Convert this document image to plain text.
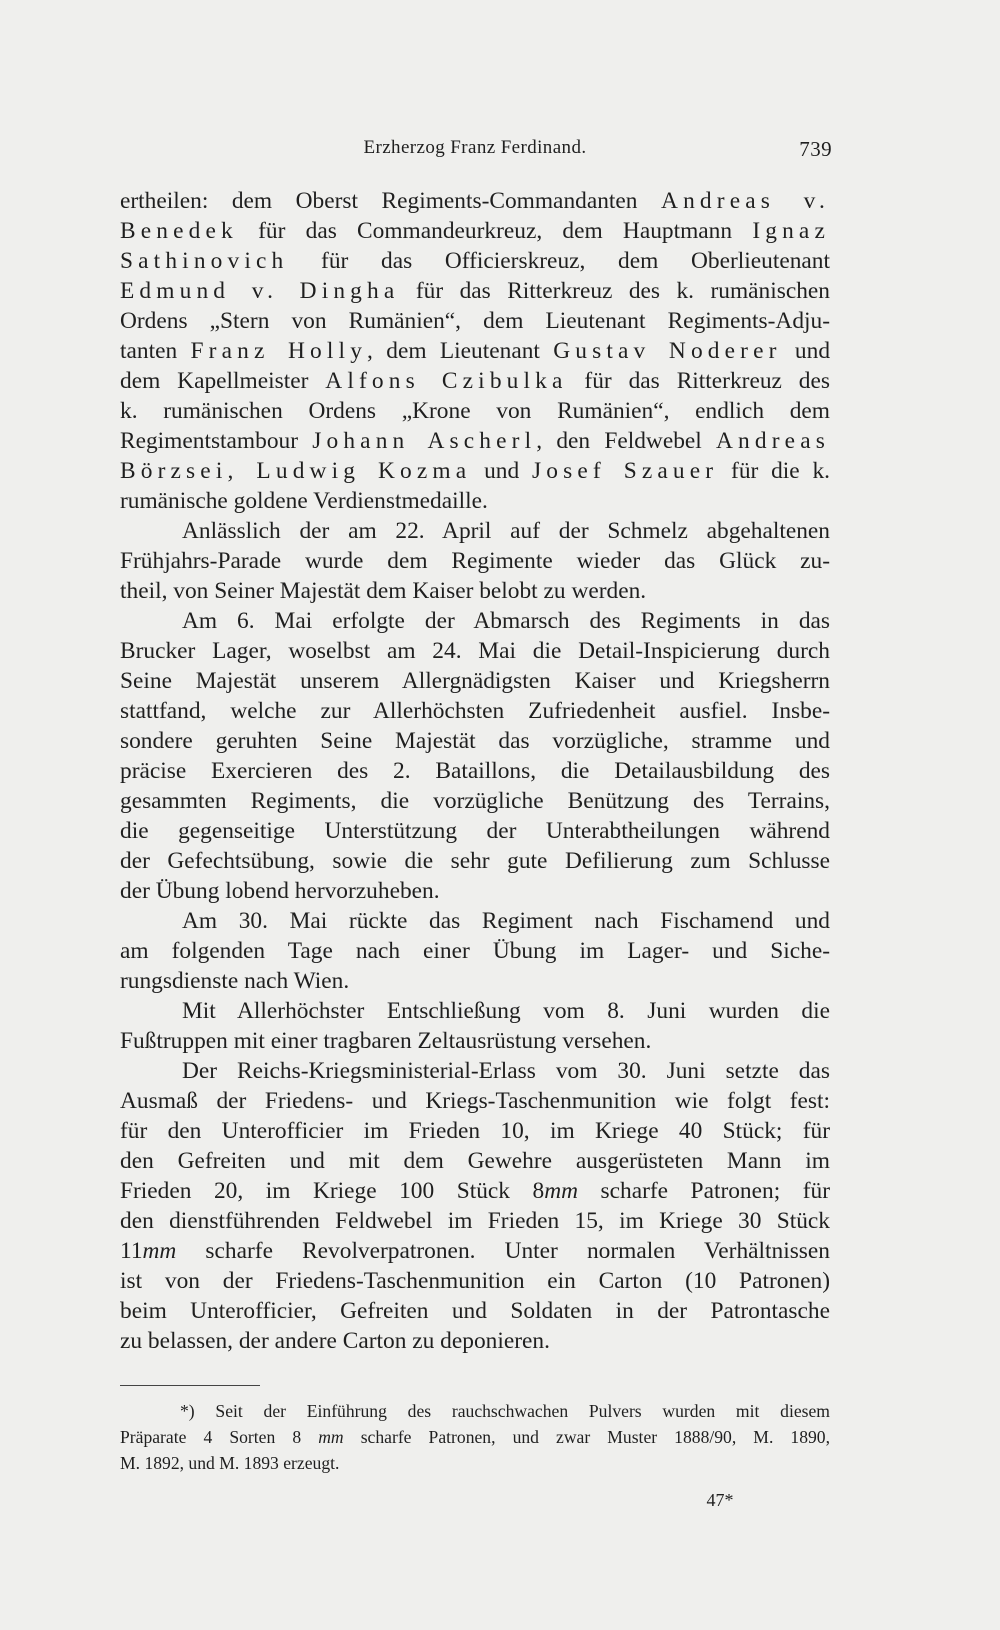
Erzherzog Franz Ferdinand.	739
ertheilen: dem Oberst Regiments-Commandanten Andreas v.
Benedek für das Commandeurkreuz, dem Hauptmann Ignaz
Sathinovich für das Officierskreuz, dem Oberlieutenant
Edmund v. Dingha für das Ritterkreuz des k. rumänischen
Ordens „Stern von Rumänien“, dem Lieutenant Regiments-Adju-
tanten Franz Holly, dem Lieutenant Gustav Noderer und
dem Kapellmeister Alfons Czibulka für das Ritterkreuz des
k. rumänischen Ordens „Krone von Rumänien“, endlich dem
Regimentstambour Johann Ascherl, den Feldwebel Andreas
Börzsei, Ludwig Kozma und Josef Szauer für die k.
rumänische goldene Verdienstmedaille.
Anlässlich der am 22. April auf der Schmelz abgehaltenen
Frühjahrs-Parade wurde dem Regimente wieder das Glück zu-
theil, von Seiner Majestät dem Kaiser belobt zu werden.
Am 6. Mai erfolgte der Abmarsch des Regiments in das
Brucker Lager, woselbst am 24. Mai die Detail-Inspicierung durch
Seine Majestät unserem Allergnädigsten Kaiser und Kriegsherrn
stattfand, welche zur Allerhöchsten Zufriedenheit ausfiel. Insbe-
sondere geruhten Seine Majestät das vorzügliche, stramme und
präcise Exercieren des 2. Bataillons, die Detailausbildung des
gesammten Regiments, die vorzügliche Benützung des Terrains,
die gegenseitige Unterstützung der Unterabtheilungen während
der Gefechtsübung, sowie die sehr gute Defilierung zum Schlusse
der Übung lobend hervorzuheben.
Am 30. Mai rückte das Regiment nach Fischamend und
am folgenden Tage nach einer Übung im Lager- und Siche-
rungsdienste nach Wien.
Mit Allerhöchster Entschließung vom 8. Juni wurden die
Fußtruppen mit einer tragbaren Zeltausrüstung versehen.
Der Reichs-Kriegsministerial-Erlass vom 30. Juni setzte das
Ausmaß der Friedens- und Kriegs-Taschenmunition wie folgt fest:
für den Unterofficier im Frieden 10, im Kriege 40 Stück; für
den Gefreiten und mit dem Gewehre ausgerüsteten Mann im
Frieden 20, im Kriege 100 Stück 8mm scharfe Patronen; für
den dienstführenden Feldwebel im Frieden 15, im Kriege 30 Stück
11mm scharfe Revolverpatronen. Unter normalen Verhältnissen
ist von der Friedens-Taschenmunition ein Carton (10 Patronen)
beim Unterofficier, Gefreiten und Soldaten in der Patrontasche
zu belassen, der andere Carton zu deponieren.
*) Seit der Einführung des rauchschwachen Pulvers wurden mit diesem
Präparate 4 Sorten 8 mm scharfe Patronen, und zwar Muster 1888/90, M. 1890,
M. 1892, und M. 1893 erzeugt.
47*
